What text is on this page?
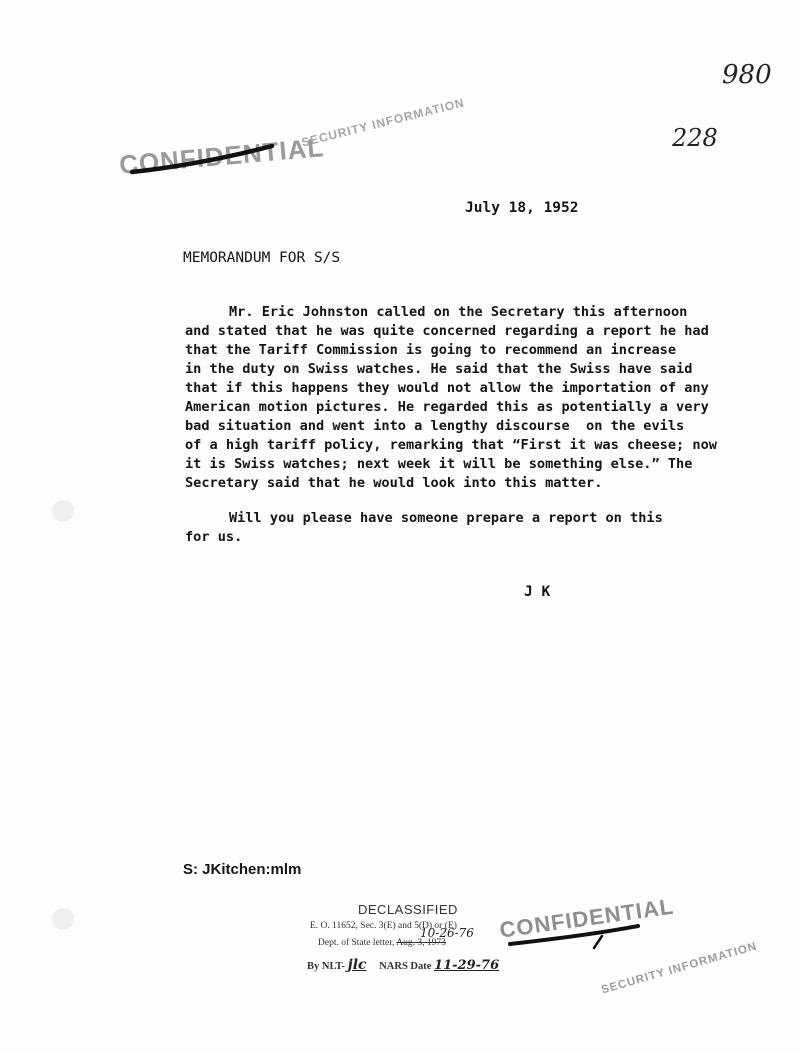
980
228
CONFIDENTIAL
SECURITY INFORMATION
July 18, 1952
MEMORANDUM FOR S/S
Mr. Eric Johnston called on the Secretary this afternoon
and stated that he was quite concerned regarding a report he had
that the Tariff Commission is going to recommend an increase
in the duty on Swiss watches. He said that the Swiss have said
that if this happens they would not allow the importation of any
American motion pictures. He regarded this as potentially a very
bad situation and went into a lengthy discourse  on the evils
of a high tariff policy, remarking that “First it was cheese; now
it is Swiss watches; next week it will be something else.” The
Secretary said that he would look into this matter.
Will you please have someone prepare a report on this
for us.
J K
S: JKitchen:mlm
DECLASSIFIED
E. O. 11652, Sec. 3(E) and 5(D) or (E)
Dept. of State letter, Aug. 3, 1973
10-26-76
By NLT- jlc NARS Date 11-29-76
CONFIDENTIAL
SECURITY INFORMATION
